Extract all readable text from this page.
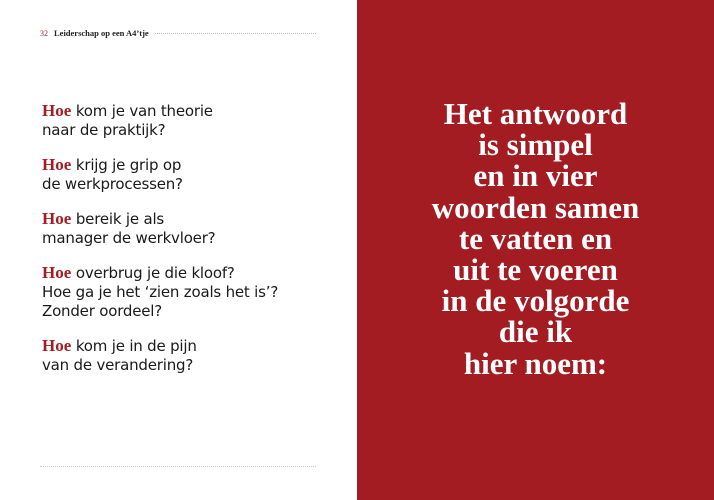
32 Leiderschap op een A4’tje

Hoe kom je van theorie
naar de praktijk?

Hoe krijg je grip op
de werkprocessen?

Hoe bereik je als
manager de werkvloer?

Hoe overbrug je die kloof?
Hoe ga je het ‘zien zoals het is’?
Zonder oordeel?

Hoe kom je in de pijn
van de verandering?

Het antwoord
is simpel
en in vier
woorden samen
te vatten en
uit te voeren
in de volgorde
die ik
hier noem:
